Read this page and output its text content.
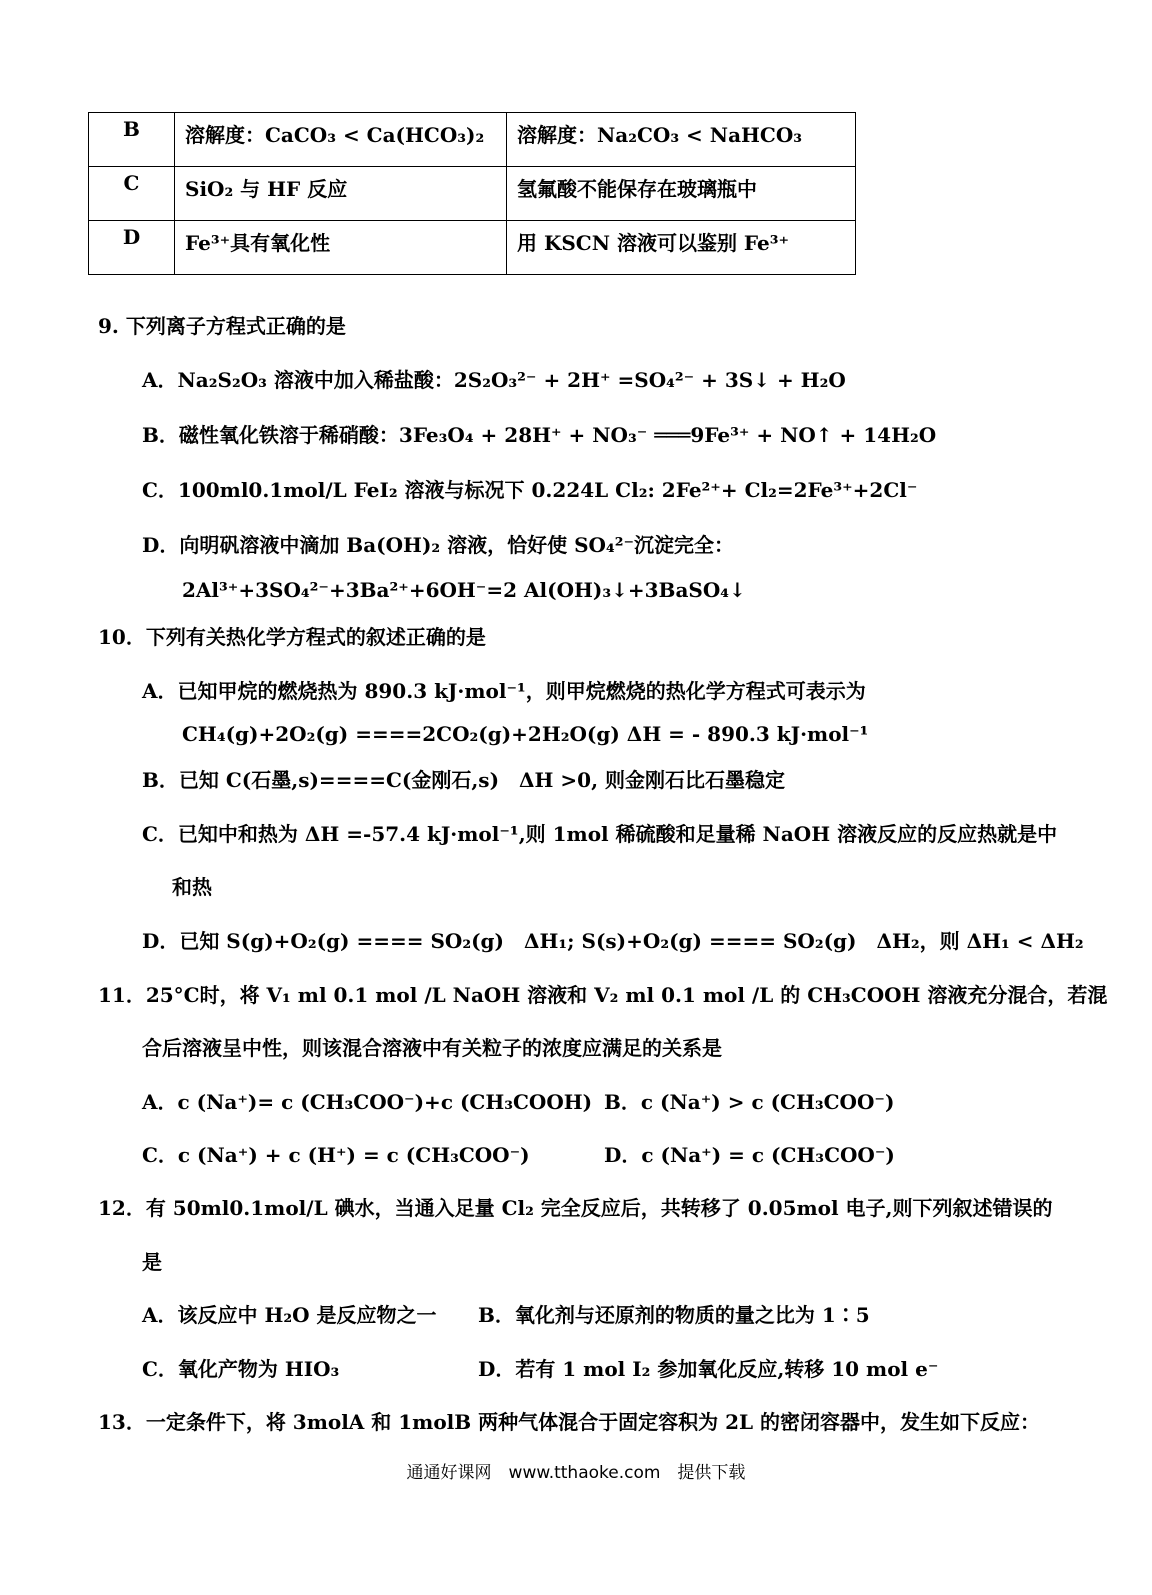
B	溶解度：CaCO₃ < Ca(HCO₃)₂	溶解度：Na₂CO₃ < NaHCO₃
C	SiO₂ 与 HF 反应	氢氟酸不能保存在玻璃瓶中
D	Fe³⁺具有氧化性	用 KSCN 溶液可以鉴别 Fe³⁺
9. 下列离子方程式正确的是
A．Na₂S₂O₃ 溶液中加入稀盐酸：2S₂O₃²⁻ + 2H⁺ =SO₄²⁻ + 3S↓ + H₂O
B．磁性氧化铁溶于稀硝酸：3Fe₃O₄ + 28H⁺ + NO₃⁻ ═══9Fe³⁺ + NO↑ + 14H₂O
C．100ml0.1mol/L FeI₂ 溶液与标况下 0.224L Cl₂: 2Fe²⁺+ Cl₂=2Fe³⁺+2Cl⁻
D．向明矾溶液中滴加 Ba(OH)₂ 溶液，恰好使 SO₄²⁻沉淀完全：
2Al³⁺+3SO₄²⁻+3Ba²⁺+6OH⁻=2 Al(OH)₃↓+3BaSO₄↓
10．下列有关热化学方程式的叙述正确的是
A．已知甲烷的燃烧热为 890.3 kJ·mol⁻¹，则甲烷燃烧的热化学方程式可表示为
CH₄(g)+2O₂(g) ====2CO₂(g)+2H₂O(g) ΔH = - 890.3 kJ·mol⁻¹
B．已知 C(石墨,s)====C(金刚石,s)　ΔH >0, 则金刚石比石墨稳定
C．已知中和热为 ΔH =-57.4 kJ·mol⁻¹,则 1mol 稀硫酸和足量稀 NaOH 溶液反应的反应热就是中
和热
D．已知 S(g)+O₂(g) ==== SO₂(g)　ΔH₁; S(s)+O₂(g) ==== SO₂(g)　ΔH₂，则 ΔH₁ < ΔH₂
11．25°C时，将 V₁ ml 0.1 mol /L NaOH 溶液和 V₂ ml 0.1 mol /L 的 CH₃COOH 溶液充分混合，若混
合后溶液呈中性，则该混合溶液中有关粒子的浓度应满足的关系是
A．c (Na⁺)= c (CH₃COO⁻)+c (CH₃COOH) B．c (Na⁺) > c (CH₃COO⁻)
C．c (Na⁺) + c (H⁺) = c (CH₃COO⁻)	D．c (Na⁺) = c (CH₃COO⁻)
12．有 50ml0.1mol/L 碘水，当通入足量 Cl₂ 完全反应后，共转移了 0.05mol 电子,则下列叙述错误的
是
A．该反应中 H₂O 是反应物之一 B．氧化剂与还原剂的物质的量之比为 1∶5
C．氧化产物为 HIO₃	D．若有 1 mol I₂ 参加氧化反应,转移 10 mol e⁻
13．一定条件下，将 3molA 和 1molB 两种气体混合于固定容积为 2L 的密闭容器中，发生如下反应：
通通好课网　www.tthaoke.com　提供下载
